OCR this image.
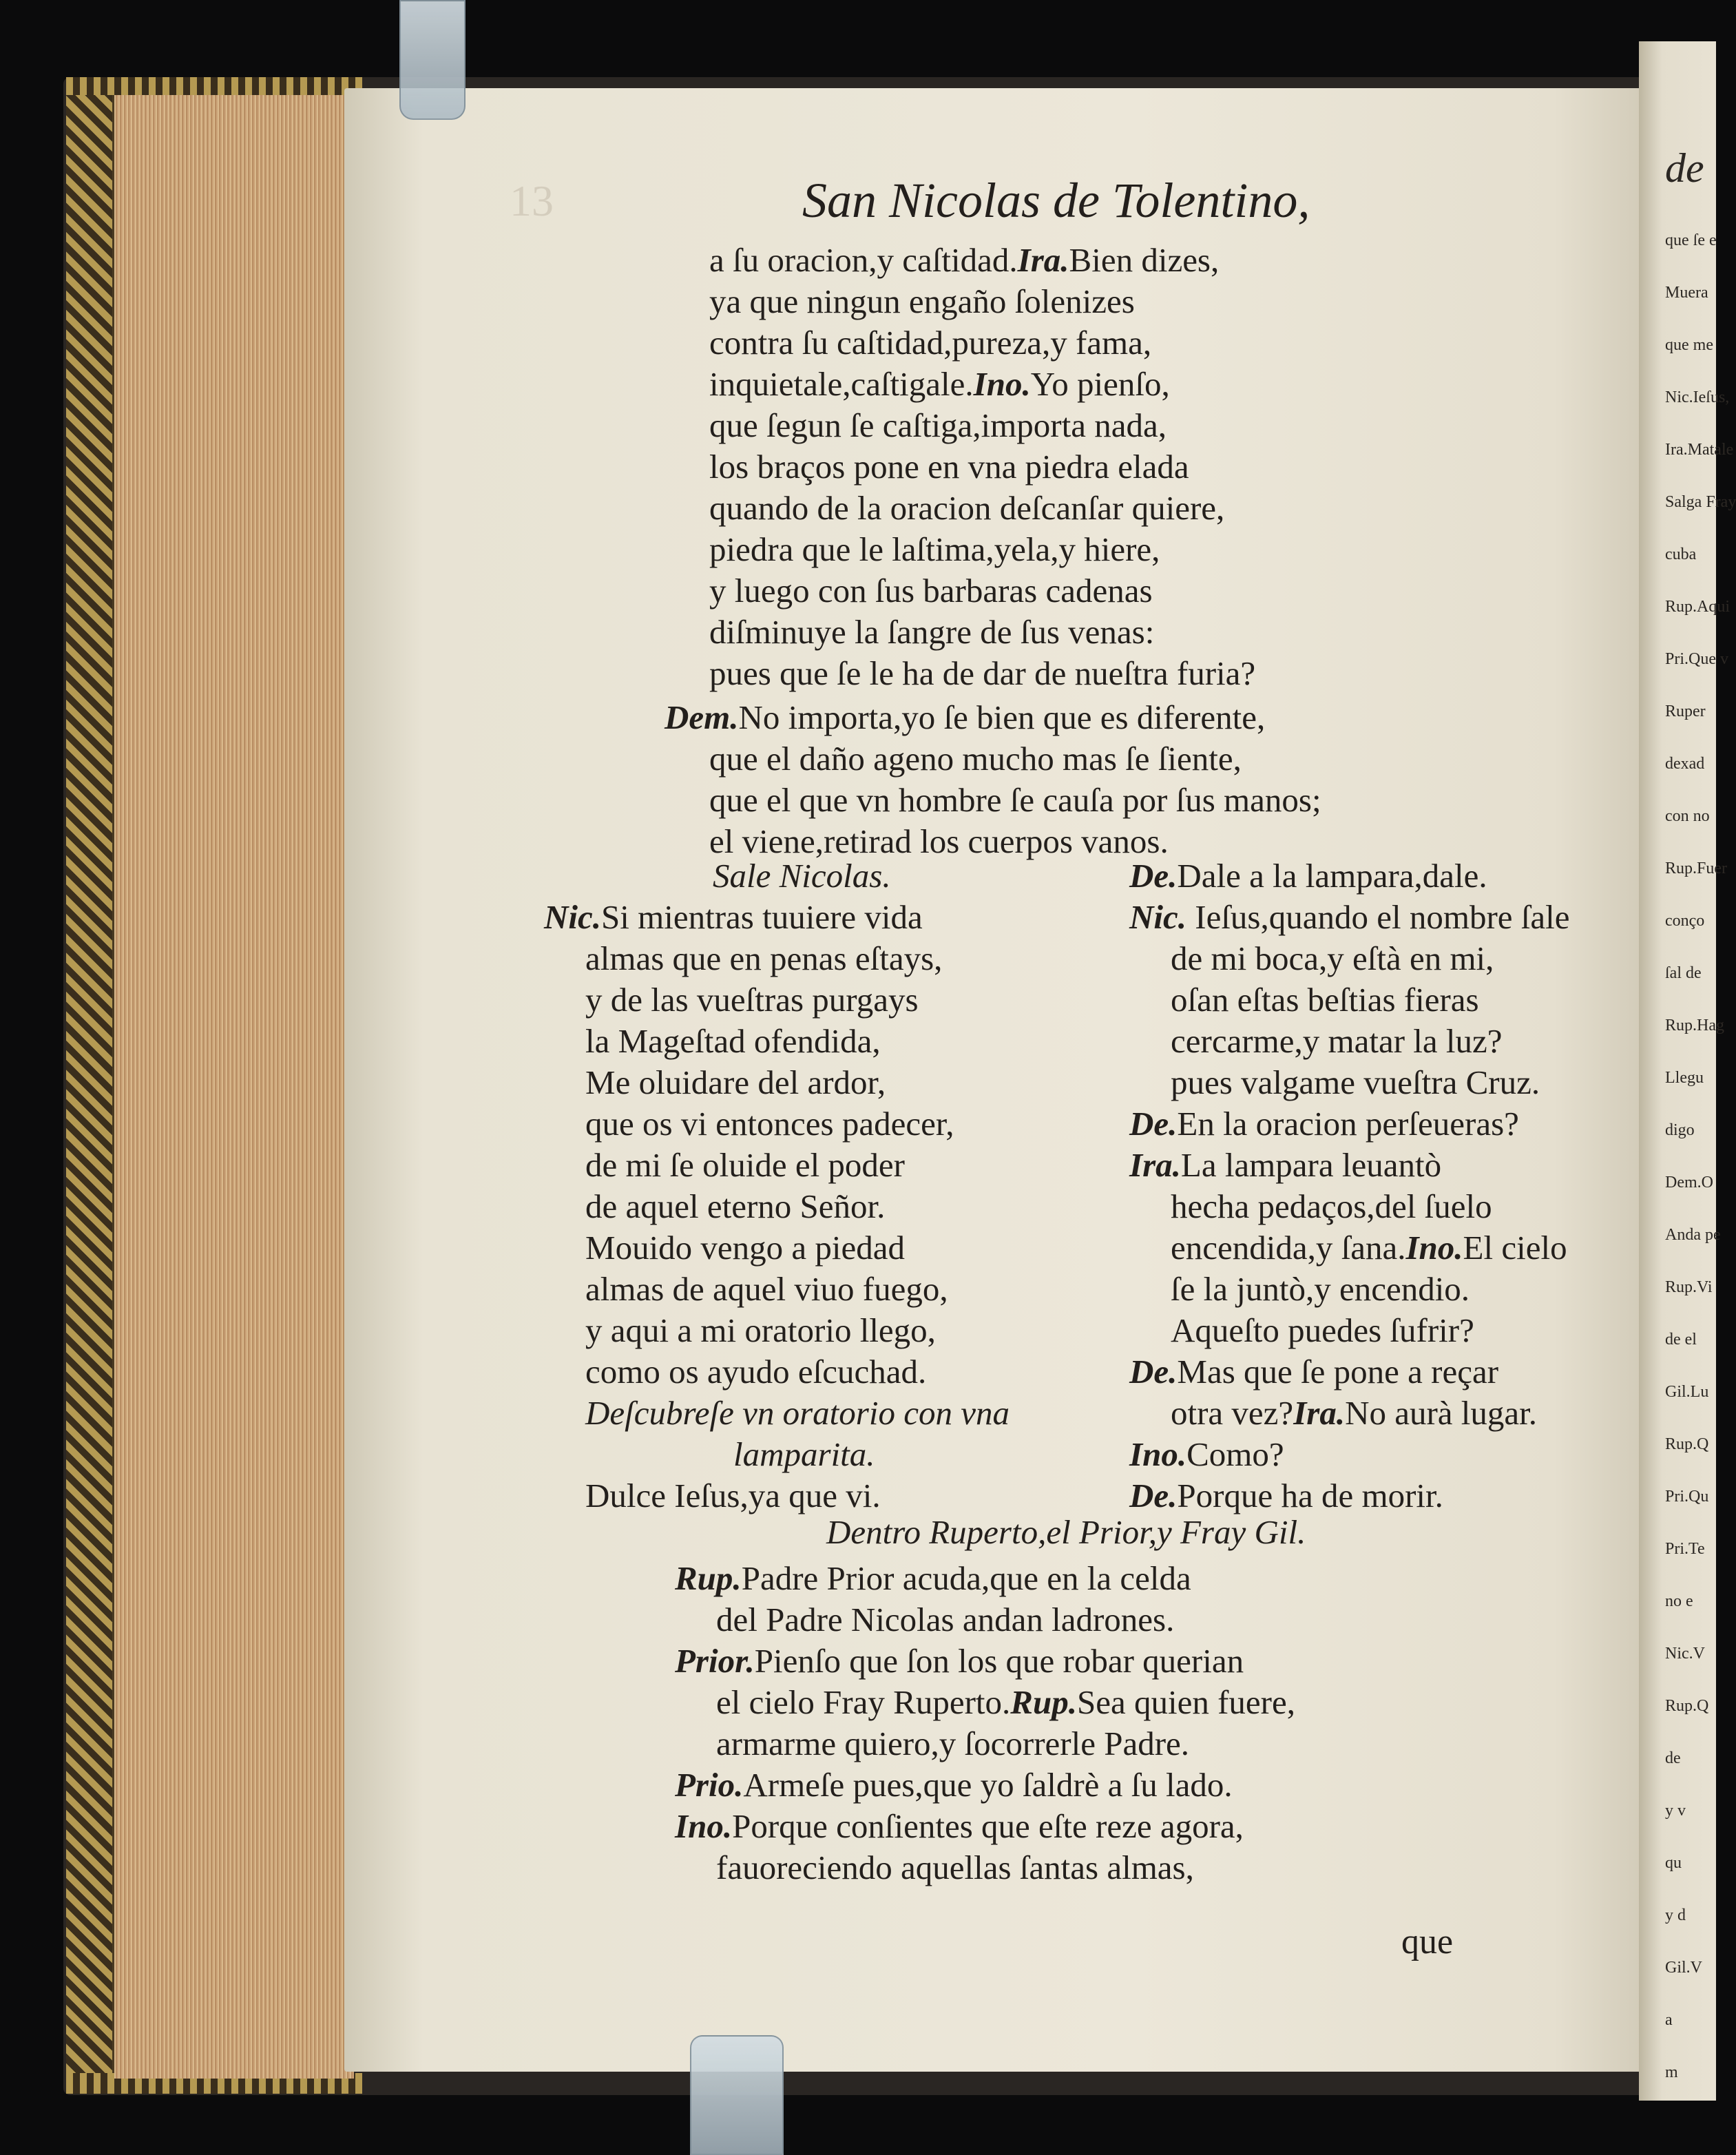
de
que ſe e
Muera
que me
Nic.Ieſus,
Ira.Matale
Salga Fray
cuba
Rup.Aqui
Pri.Que v
Ruper
dexad
con no
Rup.Fuer
conço
ſal de
Rup.Hag
Llegu
digo
Dem.O
Anda pe
Rup.Vi
de el
Gil.Lu
Rup.Q
Pri.Qu
Pri.Te
no e
Nic.V
Rup.Q
de
y v
qu
y d
Gil.V
a
m
13	San Nicolas de Tolentino,
a ſu oracion,y caſtidad.Ira.Bien dizes,
ya que ningun engaño ſolenizes
contra ſu caſtidad,pureza,y fama,
inquietale,caſtigale.Ino.Yo pienſo,
que ſegun ſe caſtiga,importa nada,
los braços pone en vna piedra elada
quando de la oracion deſcanſar quiere,
piedra que le laſtima,yela,y hiere,
y luego con ſus barbaras cadenas
diſminuye la ſangre de ſus venas:
pues que ſe le ha de dar de nueſtra furia?
Dem.No importa,yo ſe bien que es diferente,
que el daño ageno mucho mas ſe ſiente,
que el que vn hombre ſe cauſa por ſus manos;
el viene,retirad los cuerpos vanos.
Sale Nicolas.
Nic.Si mientras tuuiere vida
almas que en penas eſtays,
y de las vueſtras purgays
la Mageſtad ofendida,
Me oluidare del ardor,
que os vi entonces padecer,
de mi ſe oluide el poder
de aquel eterno Señor.
Mouido vengo a piedad
almas de aquel viuo fuego,
y aqui a mi oratorio llego,
como os ayudo eſcuchad.
Deſcubreſe vn oratorio con vna
lamparita.
Dulce Ieſus,ya que vi.
De.Dale a la lampara,dale.
Nic. Ieſus,quando el nombre ſale
de mi boca,y eſtà en mi,
oſan eſtas beſtias fieras
cercarme,y matar la luz?
pues valgame vueſtra Cruz.
De.En la oracion perſeueras?
Ira.La lampara leuantò
hecha pedaços,del ſuelo
encendida,y ſana.Ino.El cielo
ſe la juntò,y encendio.
Aqueſto puedes ſufrir?
De.Mas que ſe pone a reçar
otra vez?Ira.No aurà lugar.
Ino.Como?
De.Porque ha de morir.
Dentro Ruperto,el Prior,y Fray Gil.
Rup.Padre Prior acuda,que en la celda
del Padre Nicolas andan ladrones.
Prior.Pienſo que ſon los que robar querian
el cielo Fray Ruperto.Rup.Sea quien fuere,
armarme quiero,y ſocorrerle Padre.
Prio.Armeſe pues,que yo ſaldrè a ſu lado.
Ino.Porque conſientes que eſte reze agora,
fauoreciendo aquellas ſantas almas,
que
